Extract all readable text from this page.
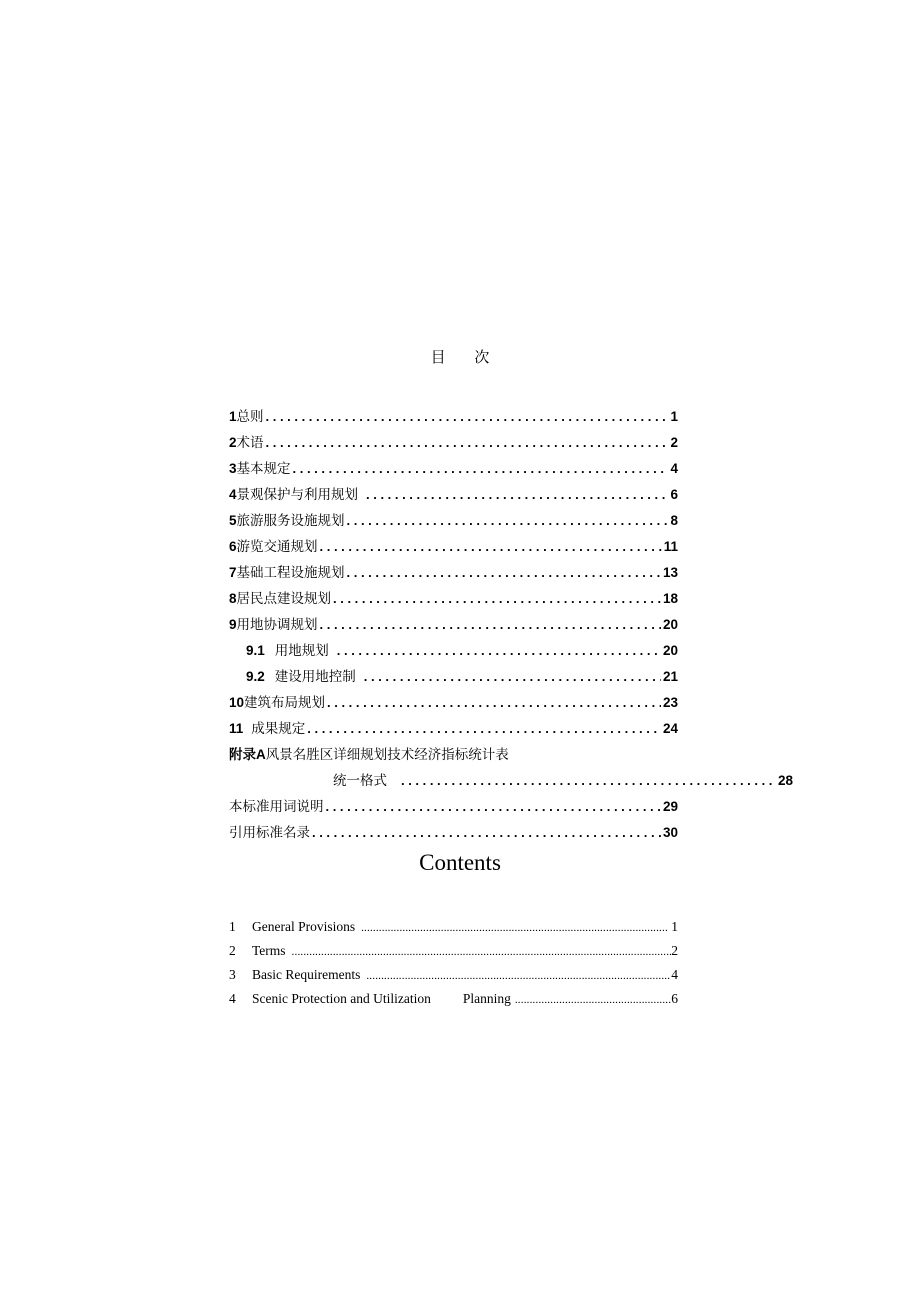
目 次
1 总则 .....	1
2 术语 .....	2
3 基本规定 .....	4
4 景观保护与利用规划 .....	6
5 旅游服务设施规划 .....	8
6 游览交通规划 .....	11
7 基础工程设施规划 .....	13
8 居民点建设规划 .....	18
9 用地协调规划 .....	20
9.1 用地规划 .....	20
9.2 建设用地控制 .....	21
10 建筑布局规划 .....	23
11 成果规定 .....	24
附录A风景名胜区详细规划技术经济指标统计表
统一格式 .....	28
本标准用词说明 .....	29
引用标准名录 .....	30
Contents
1	General Provisions .....	1
2	Terms .....	2
3	Basic Requirements .....	4
4	Scenic Protection and Utilization Planning .....	6
